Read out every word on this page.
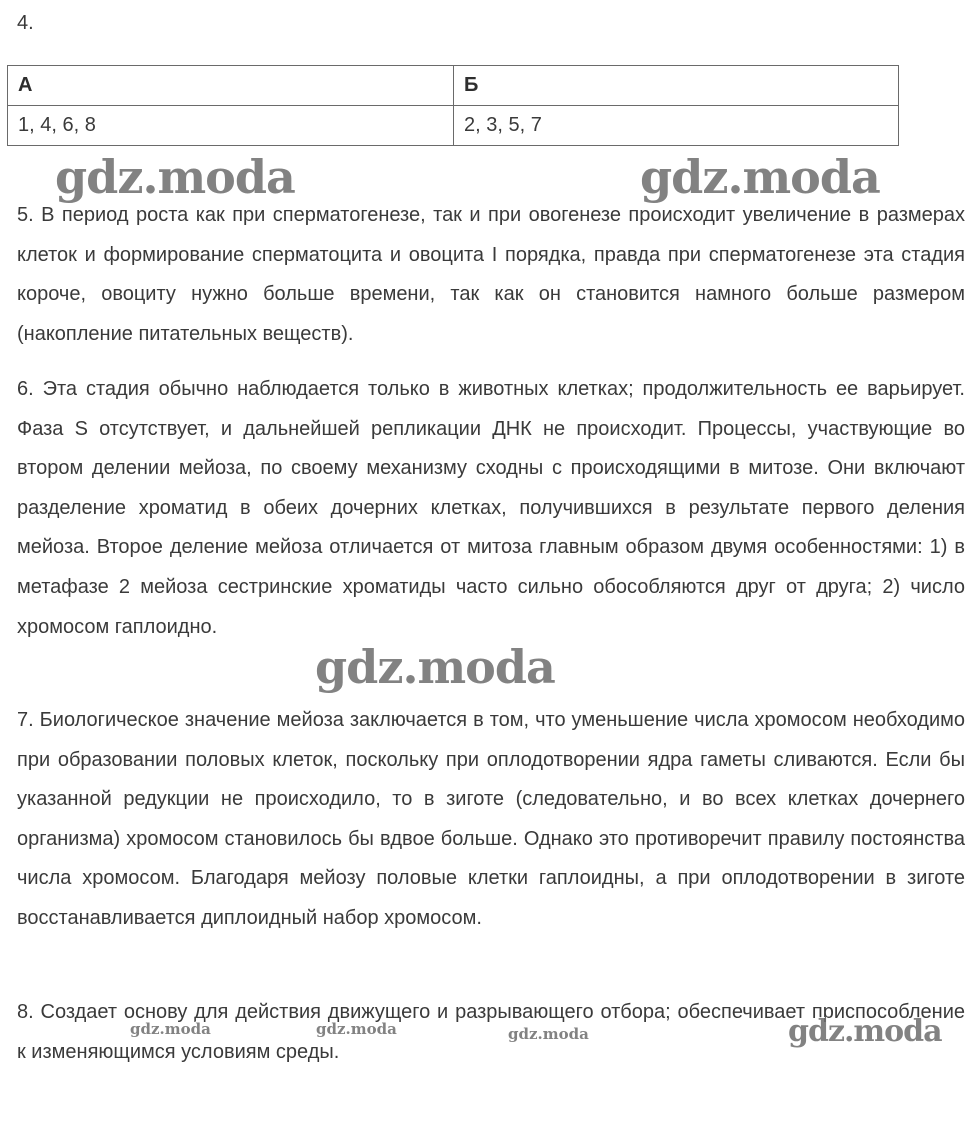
4.
А	Б
1, 4, 6, 8	2, 3, 5, 7
5. В период роста как при сперматогенезе, так и при овогенезе происходит увеличение в размерах клеток и формирование сперматоцита и овоцита I порядка, правда при сперматогенезе эта стадия короче, овоциту нужно больше времени, так как он становится намного больше размером (накопление питательных веществ).
6. Эта стадия обычно наблюдается только в животных клетках; продолжительность ее варьирует. Фаза S отсутствует, и дальнейшей репликации ДНК не происходит. Процессы, участвующие во втором делении мейоза, по своему механизму сходны с происходящими в митозе. Они включают разделение хроматид в обеих дочерних клетках, получившихся в результате первого деления мейоза. Второе деление мейоза отличается от митоза главным образом двумя особенностями: 1) в метафазе 2 мейоза сестринские хроматиды часто сильно обособляются друг от друга; 2) число хромосом гаплоидно.
7. Биологическое значение мейоза заключается в том, что уменьшение числа хромосом необходимо при образовании половых клеток, поскольку при оплодотворении ядра гаметы сливаются. Если бы указанной редукции не происходило, то в зиготе (следовательно, и во всех клетках дочернего организма) хромосом становилось бы вдвое больше. Однако это противоречит правилу постоянства числа хромосом. Благодаря мейозу половые клетки гаплоидны, а при оплодотворении в зиготе восстанавливается диплоидный набор хромосом.
8. Создает основу для действия движущего и разрывающего отбора; обеспечивает приспособление к изменяющимся условиям среды.
gdz.moda	gdz.moda
gdz.moda
gdz.moda	gdz.moda	gdz.moda	gdz.moda
